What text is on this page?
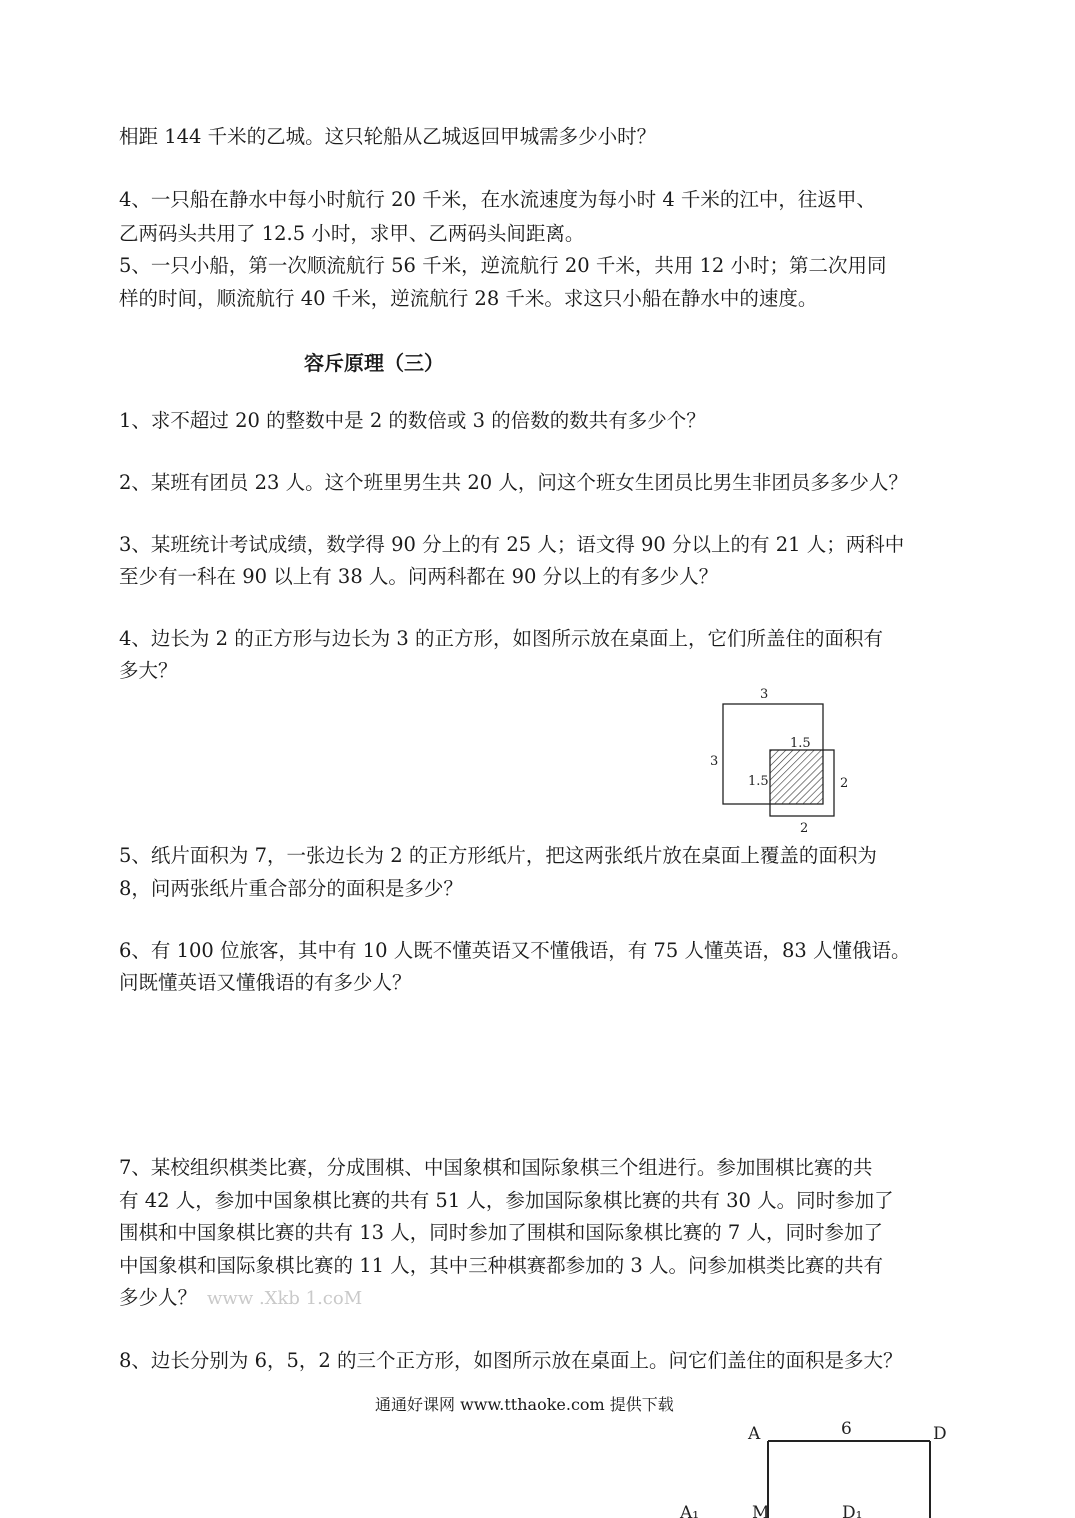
相距 144 千米的乙城。这只轮船从乙城返回甲城需多少小时？
4、一只船在静水中每小时航行 20 千米，在水流速度为每小时 4 千米的江中，往返甲、
乙两码头共用了 12.5 小时，求甲、乙两码头间距离。
5、一只小船，第一次顺流航行 56 千米，逆流航行 20 千米，共用 12 小时；第二次用同
样的时间，顺流航行 40 千米，逆流航行 28 千米。求这只小船在静水中的速度。
容斥原理（三）
1、求不超过 20 的整数中是 2 的数倍或 3 的倍数的数共有多少个？
2、某班有团员 23 人。这个班里男生共 20 人，问这个班女生团员比男生非团员多多少人？
3、某班统计考试成绩，数学得 90 分上的有 25 人；语文得 90 分以上的有 21 人；两科中
至少有一科在 90 以上有 38 人。问两科都在 90 分以上的有多少人？
4、边长为 2 的正方形与边长为 3 的正方形，如图所示放在桌面上，它们所盖住的面积有
多大？
5、纸片面积为 7，一张边长为 2 的正方形纸片，把这两张纸片放在桌面上覆盖的面积为
8，问两张纸片重合部分的面积是多少？
6、有 100 位旅客，其中有 10 人既不懂英语又不懂俄语，有 75 人懂英语，83 人懂俄语。
问既懂英语又懂俄语的有多少人？
7、某校组织棋类比赛，分成围棋、中国象棋和国际象棋三个组进行。参加围棋比赛的共
有 42 人，参加中国象棋比赛的共有 51 人，参加国际象棋比赛的共有 30 人。同时参加了
围棋和中国象棋比赛的共有 13 人，同时参加了围棋和国际象棋比赛的 7 人，同时参加了
中国象棋和国际象棋比赛的 11 人，其中三种棋赛都参加的 3 人。问参加棋类比赛的共有
多少人？
8、边长分别为 6，5，2 的三个正方形，如图所示放在桌面上。问它们盖住的面积是多大？
www .Xkb 1.coM
通通好课网 www.tthaoke.com 提供下载
3
3
1.5
1.5	2
2
A	6	D
A₁	M	D₁
